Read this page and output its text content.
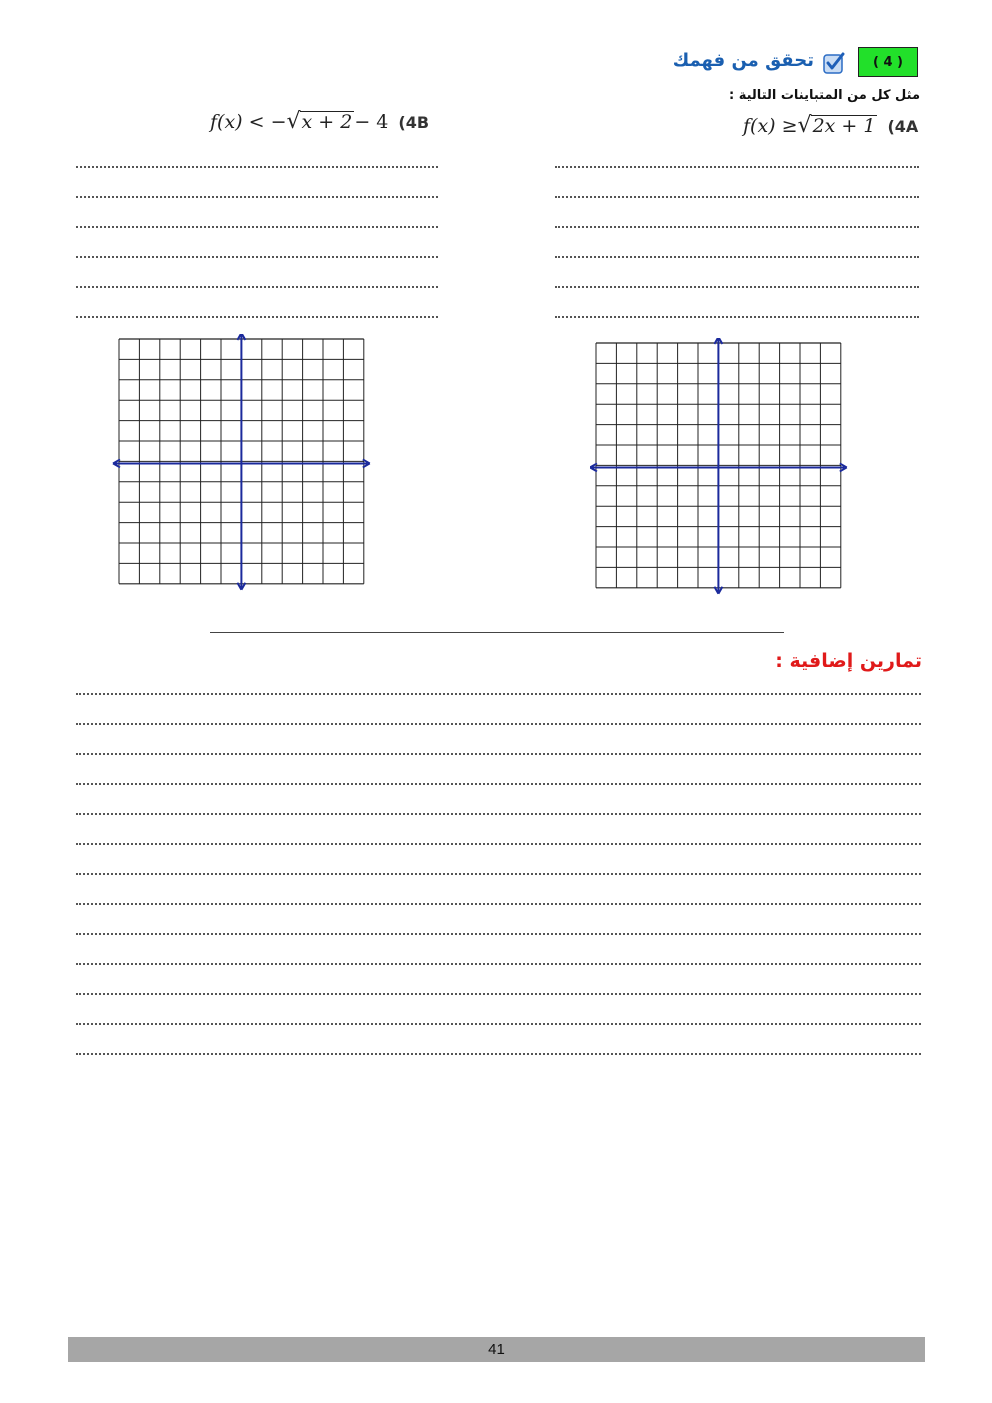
( 4 )
تحقق من فهمك
مثل كل من المتباينات التالية :
f(x) ≥ √ 2x + 1 (4A
f(x) < − √ x + 2 − 4 (4B
تمارين إضافية :
41
